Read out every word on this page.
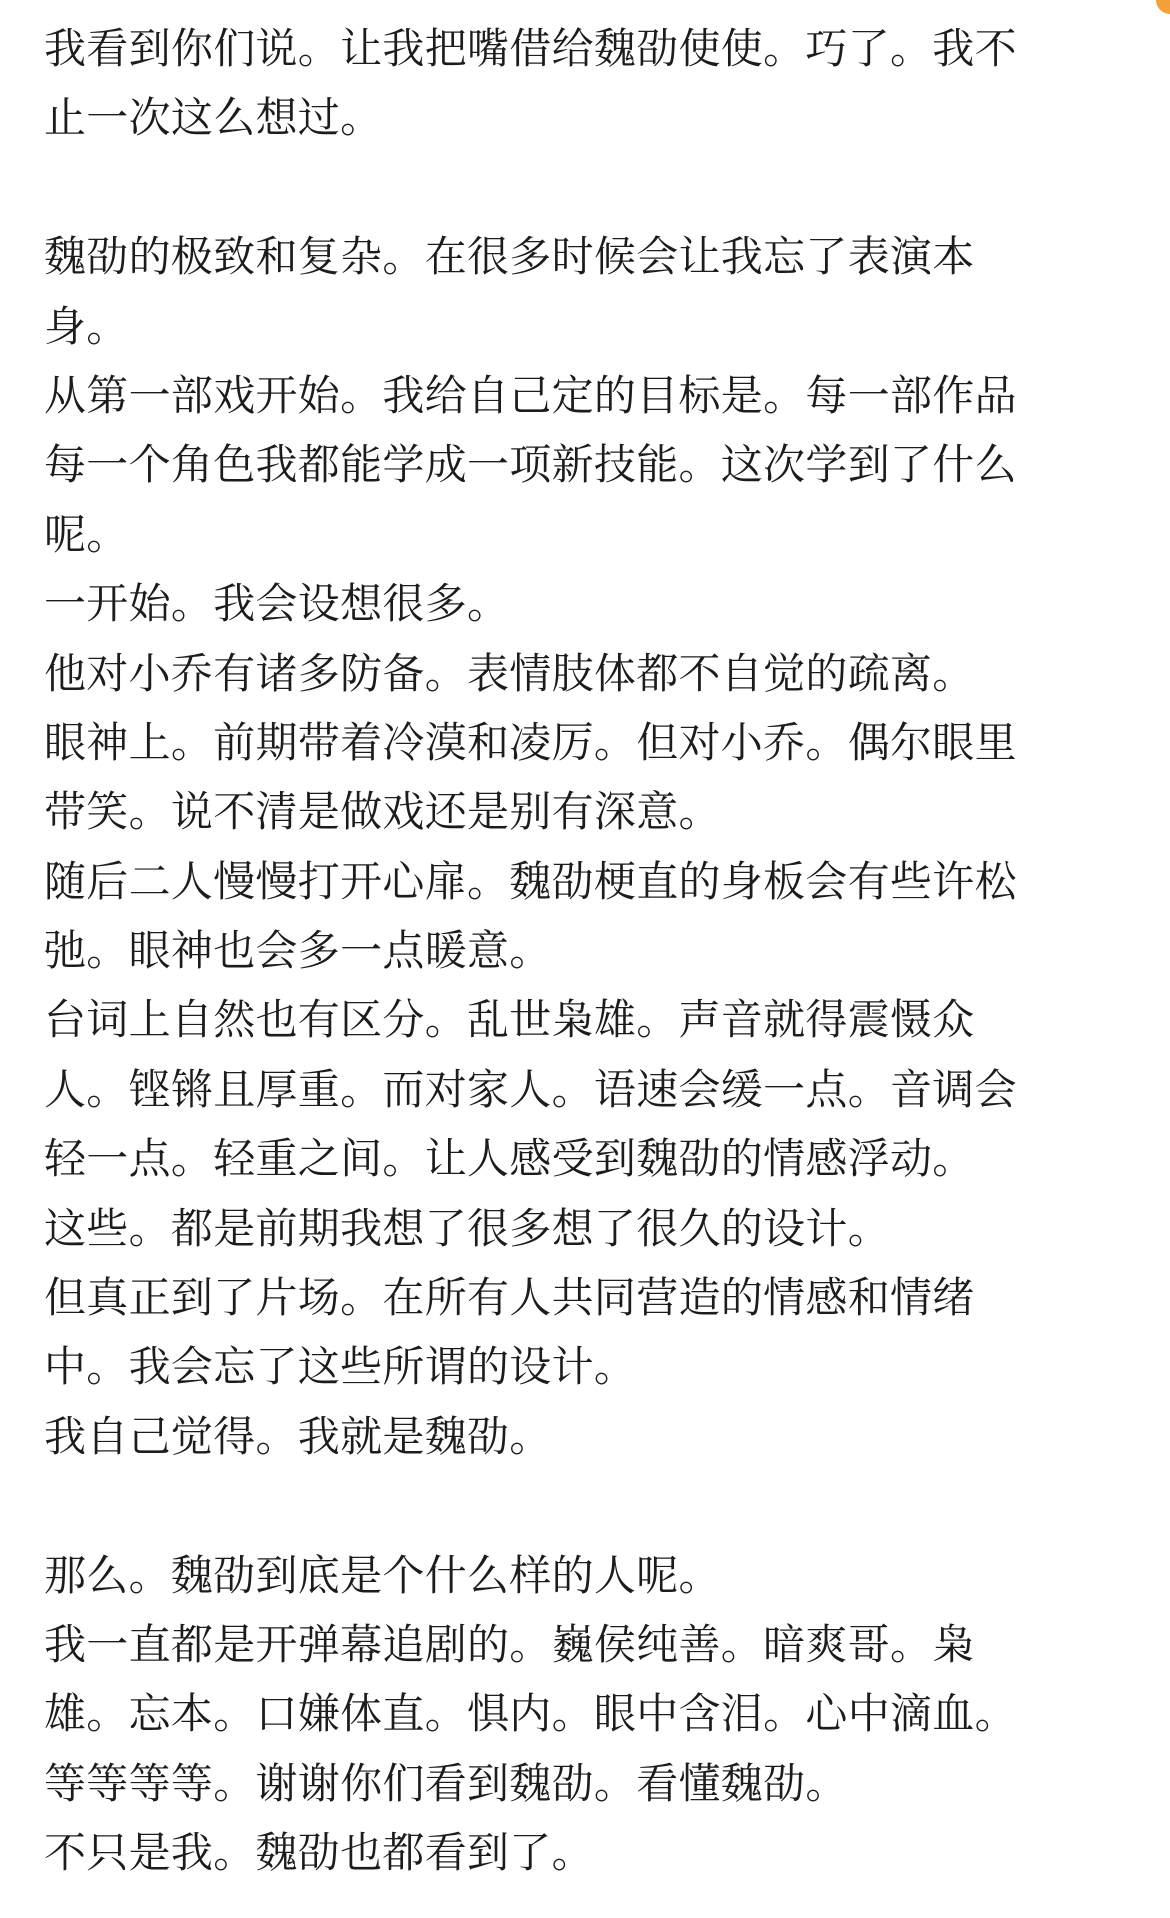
我看到你们说。让我把嘴借给魏劭使使。巧了。我不
止一次这么想过。
魏劭的极致和复杂。在很多时候会让我忘了表演本
身。
从第一部戏开始。我给自己定的目标是。每一部作品
每一个角色我都能学成一项新技能。这次学到了什么
呢。
一开始。我会设想很多。
他对小乔有诸多防备。表情肢体都不自觉的疏离。
眼神上。前期带着冷漠和凌厉。但对小乔。偶尔眼里
带笑。说不清是做戏还是别有深意。
随后二人慢慢打开心扉。魏劭梗直的身板会有些许松
弛。眼神也会多一点暖意。
台词上自然也有区分。乱世枭雄。声音就得震慑众
人。铿锵且厚重。而对家人。语速会缓一点。音调会
轻一点。轻重之间。让人感受到魏劭的情感浮动。
这些。都是前期我想了很多想了很久的设计。
但真正到了片场。在所有人共同营造的情感和情绪
中。我会忘了这些所谓的设计。
我自己觉得。我就是魏劭。
那么。魏劭到底是个什么样的人呢。
我一直都是开弹幕追剧的。巍侯纯善。暗爽哥。枭
雄。忘本。口嫌体直。惧内。眼中含泪。心中滴血。
等等等等。谢谢你们看到魏劭。看懂魏劭。
不只是我。魏劭也都看到了。
